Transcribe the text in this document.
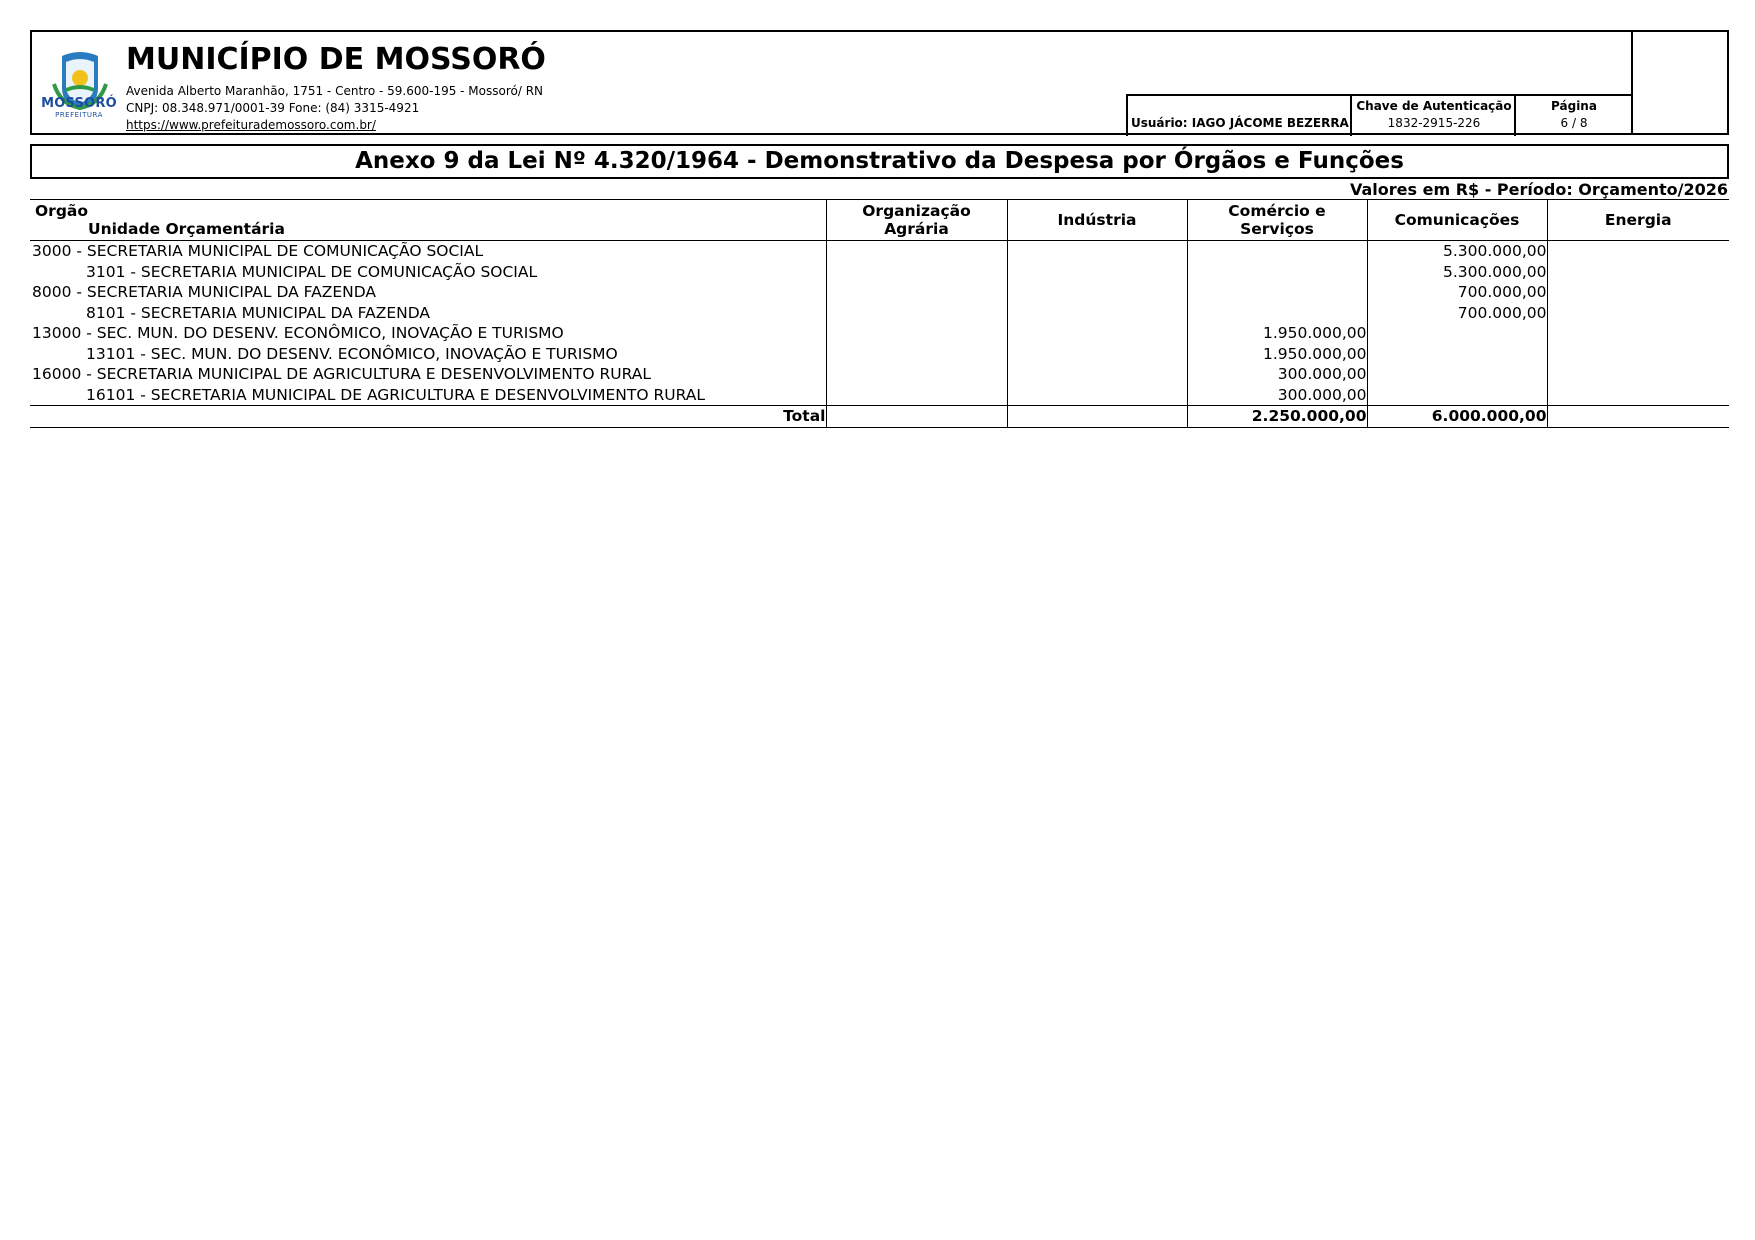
MOSSORÓ
PREFEITURA
MUNICÍPIO DE MOSSORÓ
Avenida Alberto Maranhão, 1751 - Centro - 59.600-195 - Mossoró/ RN
CNPJ: 08.348.971/0001-39 Fone: (84) 3315-4921
https://www.prefeiturademossoro.com.br/	Usuário: IAGO JÁCOME BEZERRA
Chave de Autenticação
1832-2915-226
Página
6 / 8
Anexo 9 da Lei Nº 4.320/1964 - Demonstrativo da Despesa por Órgãos e Funções
Valores em R$ - Período: Orçamento/2026
Orgão
Unidade Orçamentária	Organização Agrária	Indústria	Comércio e Serviços	Comunicações	Energia
3000 - SECRETARIA MUNICIPAL DE COMUNICAÇÃO SOCIAL				5.300.000,00	
3101 - SECRETARIA MUNICIPAL DE COMUNICAÇÃO SOCIAL				5.300.000,00	
8000 - SECRETARIA MUNICIPAL DA FAZENDA				700.000,00	
8101 - SECRETARIA MUNICIPAL DA FAZENDA				700.000,00	
13000 - SEC. MUN. DO DESENV. ECONÔMICO, INOVAÇÃO E TURISMO			1.950.000,00		
13101 - SEC. MUN. DO DESENV. ECONÔMICO, INOVAÇÃO E TURISMO			1.950.000,00		
16000 - SECRETARIA MUNICIPAL DE AGRICULTURA E DESENVOLVIMENTO RURAL			300.000,00		
16101 - SECRETARIA MUNICIPAL DE AGRICULTURA E DESENVOLVIMENTO RURAL			300.000,00		
Total			2.250.000,00	6.000.000,00	
